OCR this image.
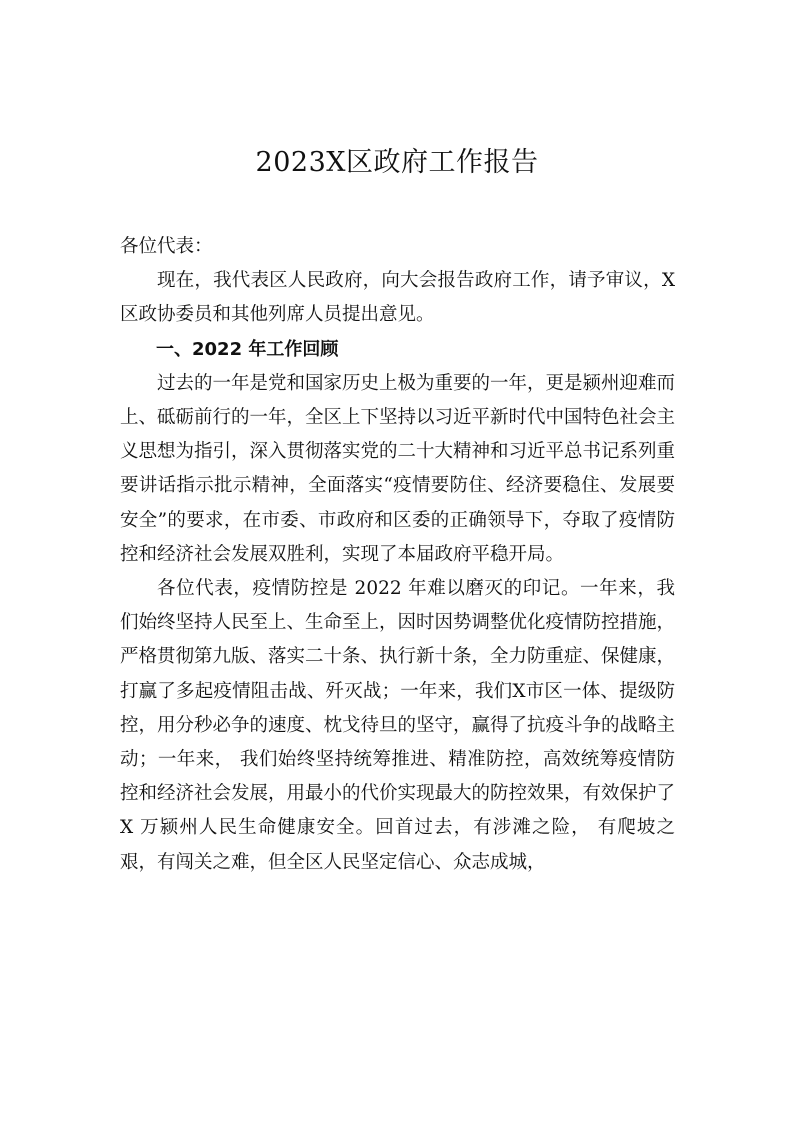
2023X区政府工作报告

各位代表：

现在，我代表区人民政府，向大会报告政府工作，请予审议，X区政协委员和其他列席人员提出意见。

一、2022 年工作回顾

过去的一年是党和国家历史上极为重要的一年，更是颍州迎难而上、砥砺前行的一年，全区上下坚持以习近平新时代中国特色社会主义思想为指引，深入贯彻落实党的二十大精神和习近平总书记系列重要讲话指示批示精神，全面落实“疫情要防住、经济要稳住、发展要安全”的要求，在市委、市政府和区委的正确领导下，夺取了疫情防控和经济社会发展双胜利，实现了本届政府平稳开局。

各位代表，疫情防控是 2022 年难以磨灭的印记。一年来，我们始终坚持人民至上、生命至上，因时因势调整优化疫情防控措施，严格贯彻第九版、落实二十条、执行新十条，全力防重症、保健康，打赢了多起疫情阻击战、歼灭战；一年来，我们X市区一体、提级防控，用分秒必争的速度、枕戈待旦的坚守，赢得了抗疫斗争的战略主动；一年来， 我们始终坚持统筹推进、精准防控，高效统筹疫情防控和经济社会发展，用最小的代价实现最大的防控效果，有效保护了 X 万颍州人民生命健康安全。回首过去，有涉滩之险， 有爬坡之艰，有闯关之难，但全区人民坚定信心、众志成城，
